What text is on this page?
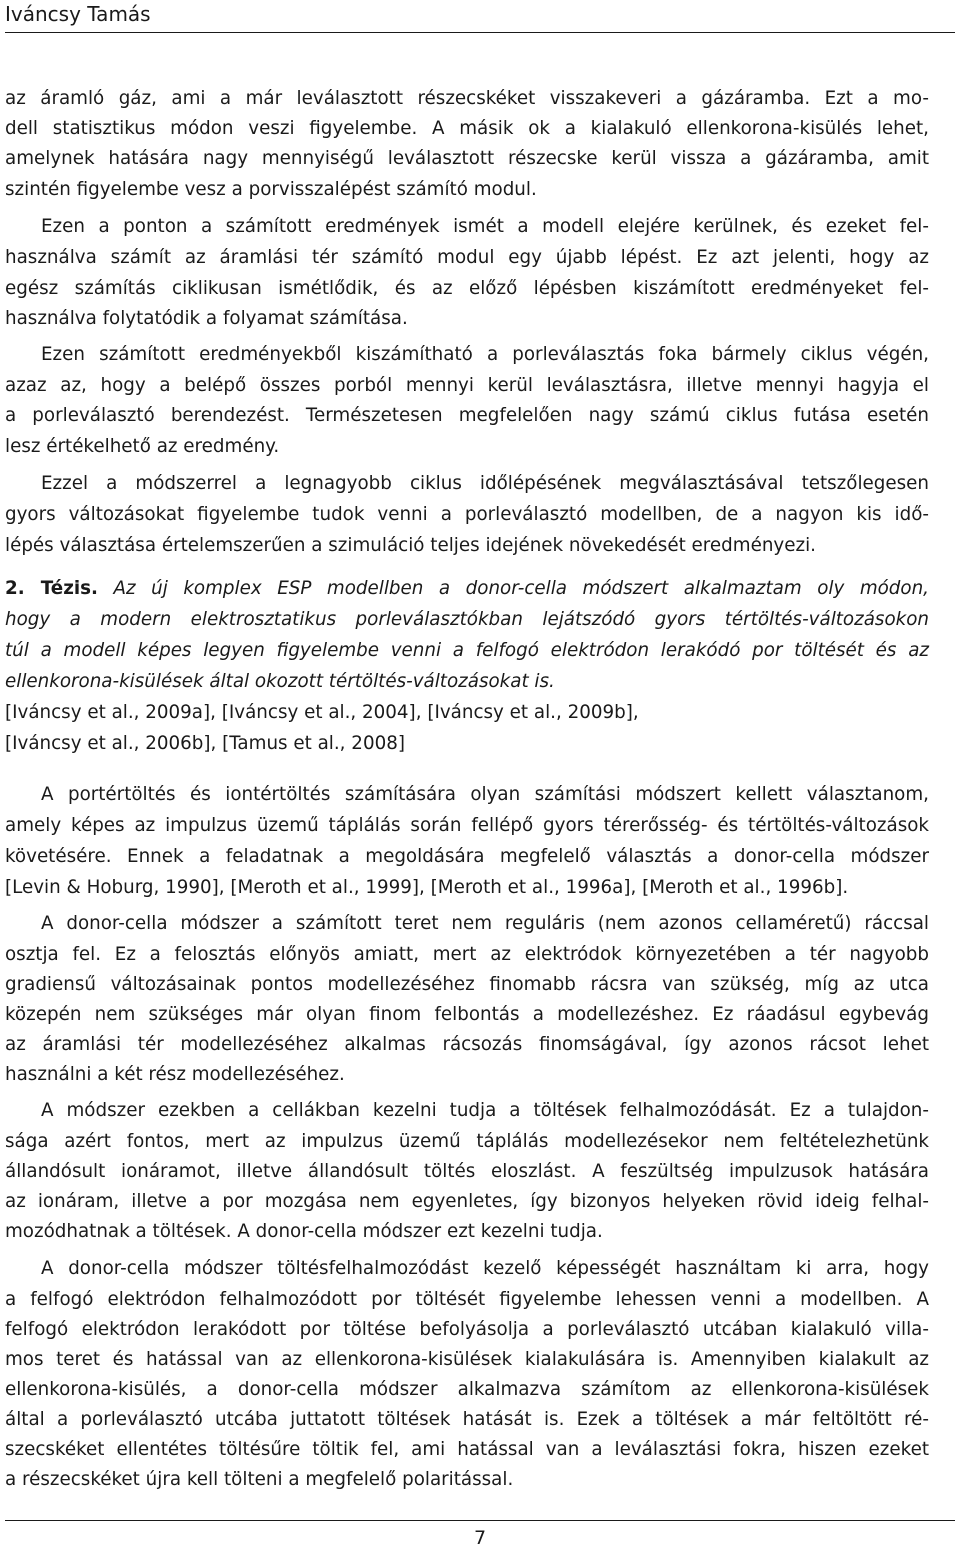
Iváncsy Tamás
az áramló gáz, ami a már leválasztott részecskéket visszakeveri a gázáramba. Ezt a mo-
dell statisztikus módon veszi figyelembe. A másik ok a kialakuló ellenkorona-kisülés lehet,
amelynek hatására nagy mennyiségű leválasztott részecske kerül vissza a gázáramba, amit
szintén figyelembe vesz a porvisszalépést számító modul.
Ezen a ponton a számított eredmények ismét a modell elejére kerülnek, és ezeket fel-
használva számít az áramlási tér számító modul egy újabb lépést. Ez azt jelenti, hogy az
egész számítás ciklikusan ismétlődik, és az előző lépésben kiszámított eredményeket fel-
használva folytatódik a folyamat számítása.
Ezen számított eredményekből kiszámítható a porleválasztás foka bármely ciklus végén,
azaz az, hogy a belépő összes porból mennyi kerül leválasztásra, illetve mennyi hagyja el
a porleválasztó berendezést. Természetesen megfelelően nagy számú ciklus futása esetén
lesz értékelhető az eredmény.
Ezzel a módszerrel a legnagyobb ciklus időlépésének megválasztásával tetszőlegesen
gyors változásokat figyelembe tudok venni a porleválasztó modellben, de a nagyon kis idő-
lépés választása értelemszerűen a szimuláció teljes idejének növekedését eredményezi.
2. Tézis. Az új komplex ESP modellben a donor-cella módszert alkalmaztam oly módon,
hogy a modern elektrosztatikus porleválasztókban lejátszódó gyors tértöltés-változásokon
túl a modell képes legyen figyelembe venni a felfogó elektródon lerakódó por töltését és az
ellenkorona-kisülések által okozott tértöltés-változásokat is.
[Iváncsy et al., 2009a], [Iváncsy et al., 2004], [Iváncsy et al., 2009b],
[Iváncsy et al., 2006b], [Tamus et al., 2008]
A portértöltés és iontértöltés számítására olyan számítási módszert kellett választanom,
amely képes az impulzus üzemű táplálás során fellépő gyors térerősség- és tértöltés-változások
követésére. Ennek a feladatnak a megoldására megfelelő választás a donor-cella módszer
[Levin & Hoburg, 1990], [Meroth et al., 1999], [Meroth et al., 1996a], [Meroth et al., 1996b].
A donor-cella módszer a számított teret nem reguláris (nem azonos cellaméretű) ráccsal
osztja fel. Ez a felosztás előnyös amiatt, mert az elektródok környezetében a tér nagyobb
gradiensű változásainak pontos modellezéséhez finomabb rácsra van szükség, míg az utca
közepén nem szükséges már olyan finom felbontás a modellezéshez. Ez ráadásul egybevág
az áramlási tér modellezéséhez alkalmas rácsozás finomságával, így azonos rácsot lehet
használni a két rész modellezéséhez.
A módszer ezekben a cellákban kezelni tudja a töltések felhalmozódását. Ez a tulajdon-
sága azért fontos, mert az impulzus üzemű táplálás modellezésekor nem feltételezhetünk
állandósult ionáramot, illetve állandósult töltés eloszlást. A feszültség impulzusok hatására
az ionáram, illetve a por mozgása nem egyenletes, így bizonyos helyeken rövid ideig felhal-
mozódhatnak a töltések. A donor-cella módszer ezt kezelni tudja.
A donor-cella módszer töltésfelhalmozódást kezelő képességét használtam ki arra, hogy
a felfogó elektródon felhalmozódott por töltését figyelembe lehessen venni a modellben. A
felfogó elektródon lerakódott por töltése befolyásolja a porleválasztó utcában kialakuló villa-
mos teret és hatással van az ellenkorona-kisülések kialakulására is. Amennyiben kialakult az
ellenkorona-kisülés, a donor-cella módszer alkalmazva számítom az ellenkorona-kisülések
által a porleválasztó utcába juttatott töltések hatását is. Ezek a töltések a már feltöltött ré-
szecskéket ellentétes töltésűre töltik fel, ami hatással van a leválasztási fokra, hiszen ezeket
a részecskéket újra kell tölteni a megfelelő polaritással.
7
